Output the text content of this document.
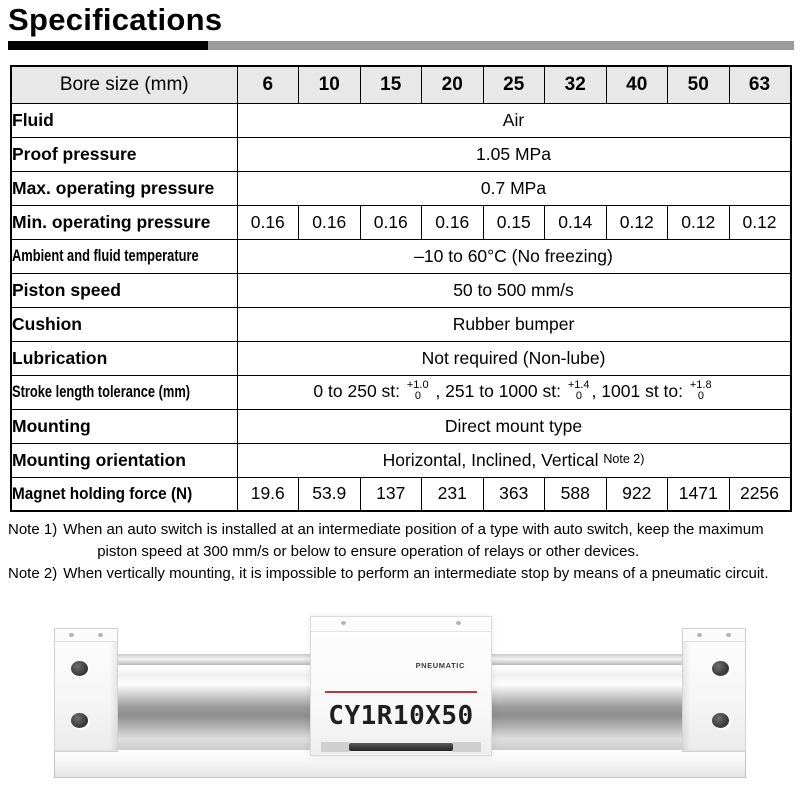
Specifications
Bore size (mm)	6	10	15	20	25	32	40	50	63
Fluid	Air								
Proof pressure	1.05 MPa								
Max. operating pressure	0.7 MPa								
Min. operating pressure	0.16	0.16	0.16	0.16	0.15	0.14	0.12	0.12	0.12
Ambient and fluid temperature	–10 to 60°C (No freezing)								
Piston speed	50 to 500 mm/s								
Cushion	Rubber bumper								
Lubrication	Not required (Non-lube)								
Stroke length tolerance (mm)	0 to 250 st: +1.0
0 , 251 to 1000 st: +1.4
0 , 1001 st to: +1.8
0

Mounting	Direct mount type								
Mounting orientation	Horizontal, Inclined, Vertical Note 2)								
Magnet holding force (N)	19.6	53.9	137	231	363	588	922	1471	2256
Note 1) When an auto switch is installed at an intermediate position of a type with auto switch, keep the maximum piston speed at 300 mm/s or below to ensure operation of relays or other devices.
Note 2) When vertically mounting, it is impossible to perform an intermediate stop by means of a pneumatic circuit.
PNEUMATIC
CY1R10X50
